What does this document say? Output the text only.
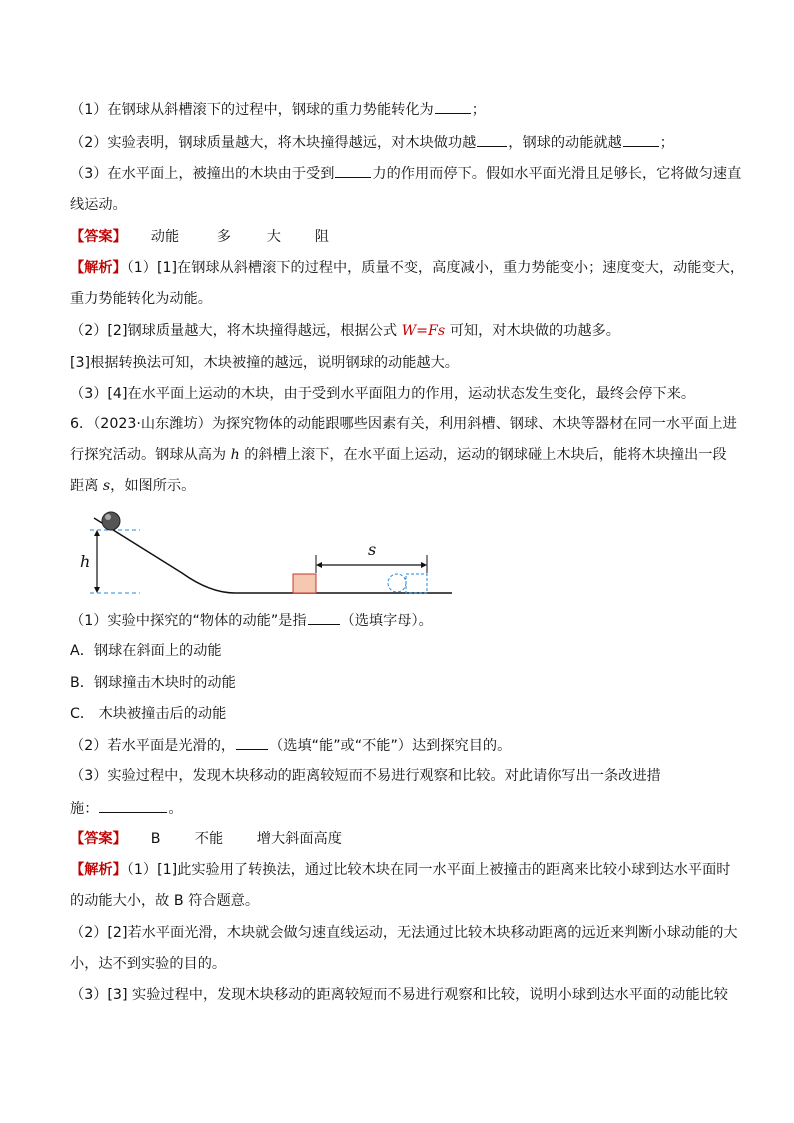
（1）在钢球从斜槽滚下的过程中，钢球的重力势能转化为	；
（2）实验表明，钢球质量越大，将木块撞得越远，对木块做功越 ，钢球的动能就越	；
（3）在水平面上，被撞出的木块由于受到	力的作用而停下。假如水平面光滑且足够长，它将做匀速直
线运动。
【答案】 动能	多	大 阻
【解析】（1）[1]在钢球从斜槽滚下的过程中，质量不变，高度减小，重力势能变小；速度变大，动能变大，
重力势能转化为动能。
（2）[2]钢球质量越大，将木块撞得越远，根据公式 W=Fs 可知，对木块做的功越多。
[3]根据转换法可知，木块被撞的越远，说明钢球的动能越大。
（3）[4]在水平面上运动的木块，由于受到水平面阻力的作用，运动状态发生变化，最终会停下来。
6．（2023·山东潍坊）为探究物体的动能跟哪些因素有关，利用斜槽、钢球、木块等器材在同一水平面上进
行探究活动。钢球从高为 h 的斜槽上滚下，在水平面上运动，运动的钢球碰上木块后，能将木块撞出一段
距离 s，如图所示。
h
s
（1）实验中探究的“物体的动能”是指 （选填字母）。
A．钢球在斜面上的动能
B．钢球撞击木块时的动能
C． 木块被撞击后的动能
（2）若水平面是光滑的， （选填“能”或“不能”）达到探究目的。
（3）实验过程中，发现木块移动的距离较短而不易进行观察和比较。对此请你写出一条改进措
施：	。
【答案】 B 不能 增大斜面高度
【解析】（1）[1]此实验用了转换法，通过比较木块在同一水平面上被撞击的距离来比较小球到达水平面时
的动能大小，故 B 符合题意。
（2）[2]若水平面光滑，木块就会做匀速直线运动，无法通过比较木块移动距离的远近来判断小球动能的大
小，达不到实验的目的。
（3）[3] 实验过程中，发现木块移动的距离较短而不易进行观察和比较，说明小球到达水平面的动能比较
